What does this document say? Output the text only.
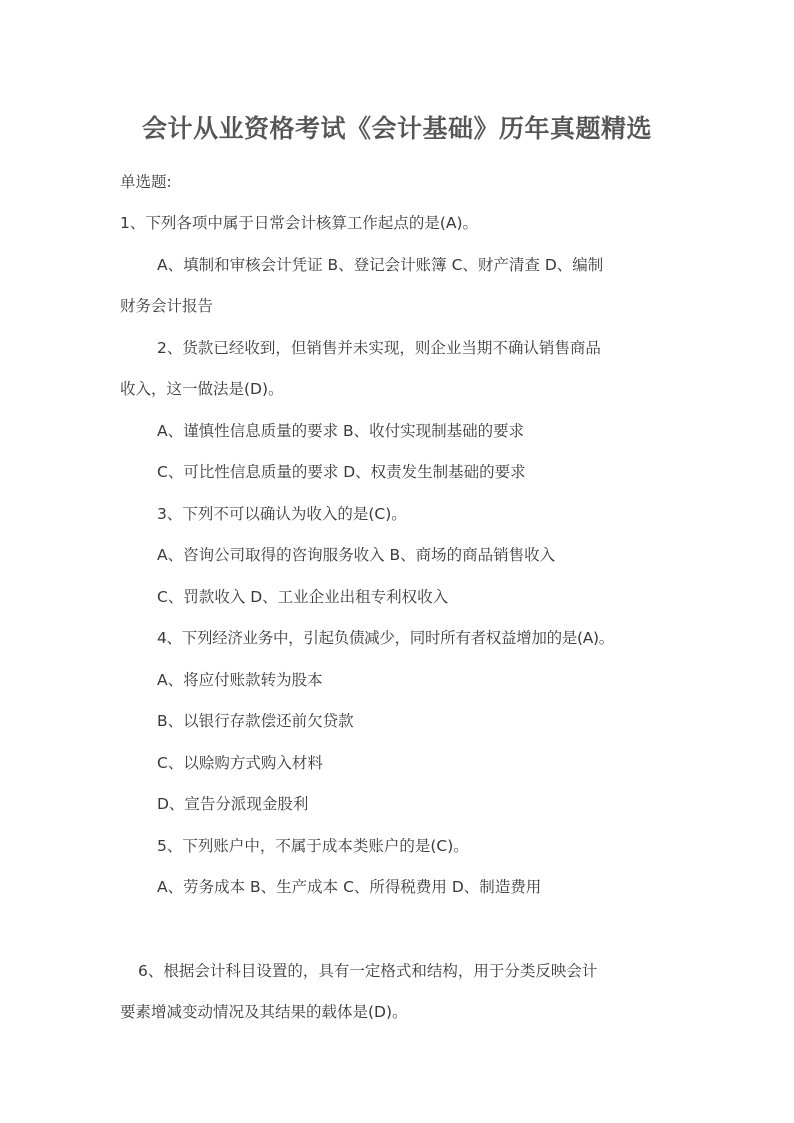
会计从业资格考试《会计基础》历年真题精选
单选题:
1、下列各项中属于日常会计核算工作起点的是(A)。
A、填制和审核会计凭证 B、登记会计账簿 C、财产清查 D、编制
财务会计报告
2、货款已经收到，但销售并未实现，则企业当期不确认销售商品
收入，这一做法是(D)。
A、谨慎性信息质量的要求 B、收付实现制基础的要求
C、可比性信息质量的要求 D、权责发生制基础的要求
3、下列不可以确认为收入的是(C)。
A、咨询公司取得的咨询服务收入 B、商场的商品销售收入
C、罚款收入 D、工业企业出租专利权收入
4、下列经济业务中，引起负债减少，同时所有者权益增加的是(A)。
A、将应付账款转为股本
B、以银行存款偿还前欠贷款
C、以赊购方式购入材料
D、宣告分派现金股利
5、下列账户中，不属于成本类账户的是(C)。
A、劳务成本 B、生产成本 C、所得税费用 D、制造费用
6、根据会计科目设置的，具有一定格式和结构，用于分类反映会计
要素增减变动情况及其结果的载体是(D)。
